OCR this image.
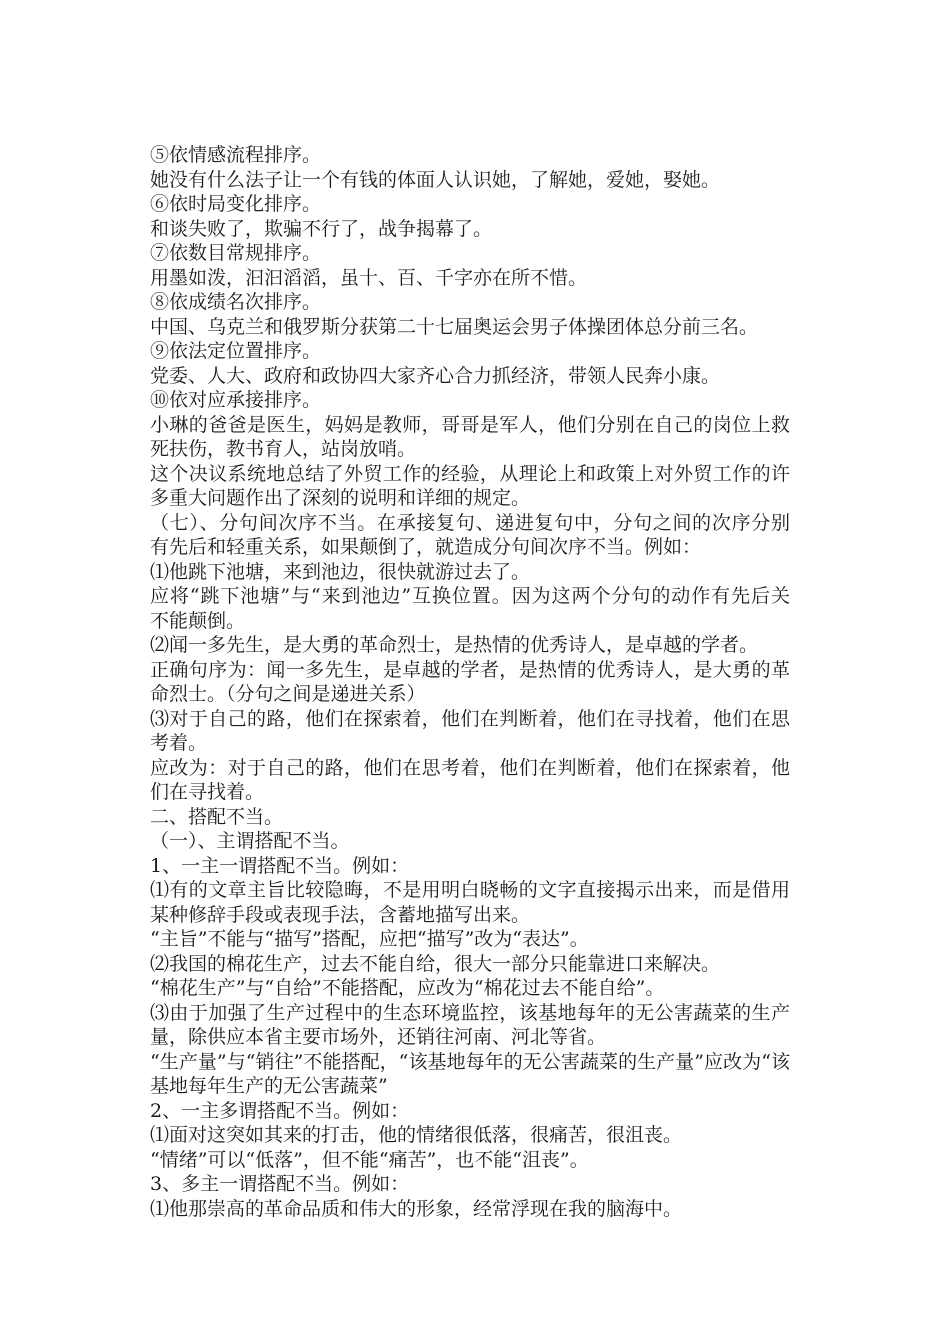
⑤依情感流程排序。
她没有什么法子让一个有钱的体面人认识她，了解她，爱她，娶她。
⑥依时局变化排序。
和谈失败了，欺骗不行了，战争揭幕了。
⑦依数目常规排序。
用墨如泼，汩汩滔滔，虽十、百、千字亦在所不惜。
⑧依成绩名次排序。
中国、乌克兰和俄罗斯分获第二十七届奥运会男子体操团体总分前三名。
⑨依法定位置排序。
党委、人大、政府和政协四大家齐心合力抓经济，带领人民奔小康。
⑩依对应承接排序。
小琳的爸爸是医生，妈妈是教师，哥哥是军人，他们分别在自己的岗位上救
死扶伤，教书育人，站岗放哨。
这个决议系统地总结了外贸工作的经验，从理论上和政策上对外贸工作的许
多重大问题作出了深刻的说明和详细的规定。
（七）、分句间次序不当。在承接复句、递进复句中，分句之间的次序分别
有先后和轻重关系，如果颠倒了，就造成分句间次序不当。例如：
⑴他跳下池塘，来到池边，很快就游过去了。
应将“跳下池塘”与“来到池边”互换位置。因为这两个分句的动作有先后关
不能颠倒。
⑵闻一多先生，是大勇的革命烈士，是热情的优秀诗人，是卓越的学者。
正确句序为：闻一多先生，是卓越的学者，是热情的优秀诗人，是大勇的革
命烈士。（分句之间是递进关系）
⑶对于自己的路，他们在探索着，他们在判断着，他们在寻找着，他们在思
考着。
应改为：对于自己的路，他们在思考着，他们在判断着，他们在探索着，他
们在寻找着。
二、搭配不当。
（一）、主谓搭配不当。
1、一主一谓搭配不当。例如：
⑴有的文章主旨比较隐晦，不是用明白晓畅的文字直接揭示出来，而是借用
某种修辞手段或表现手法，含蓄地描写出来。
“主旨”不能与“描写”搭配，应把“描写”改为“表达”。
⑵我国的棉花生产，过去不能自给，很大一部分只能靠进口来解决。
“棉花生产”与“自给”不能搭配，应改为“棉花过去不能自给”。
⑶由于加强了生产过程中的生态环境监控，该基地每年的无公害蔬菜的生产
量，除供应本省主要市场外，还销往河南、河北等省。
“生产量”与“销往”不能搭配，“该基地每年的无公害蔬菜的生产量”应改为“该
基地每年生产的无公害蔬菜”
2、一主多谓搭配不当。例如：
⑴面对这突如其来的打击，他的情绪很低落，很痛苦，很沮丧。
“情绪”可以“低落”，但不能“痛苦”，也不能“沮丧”。
3、多主一谓搭配不当。例如：
⑴他那崇高的革命品质和伟大的形象，经常浮现在我的脑海中。
